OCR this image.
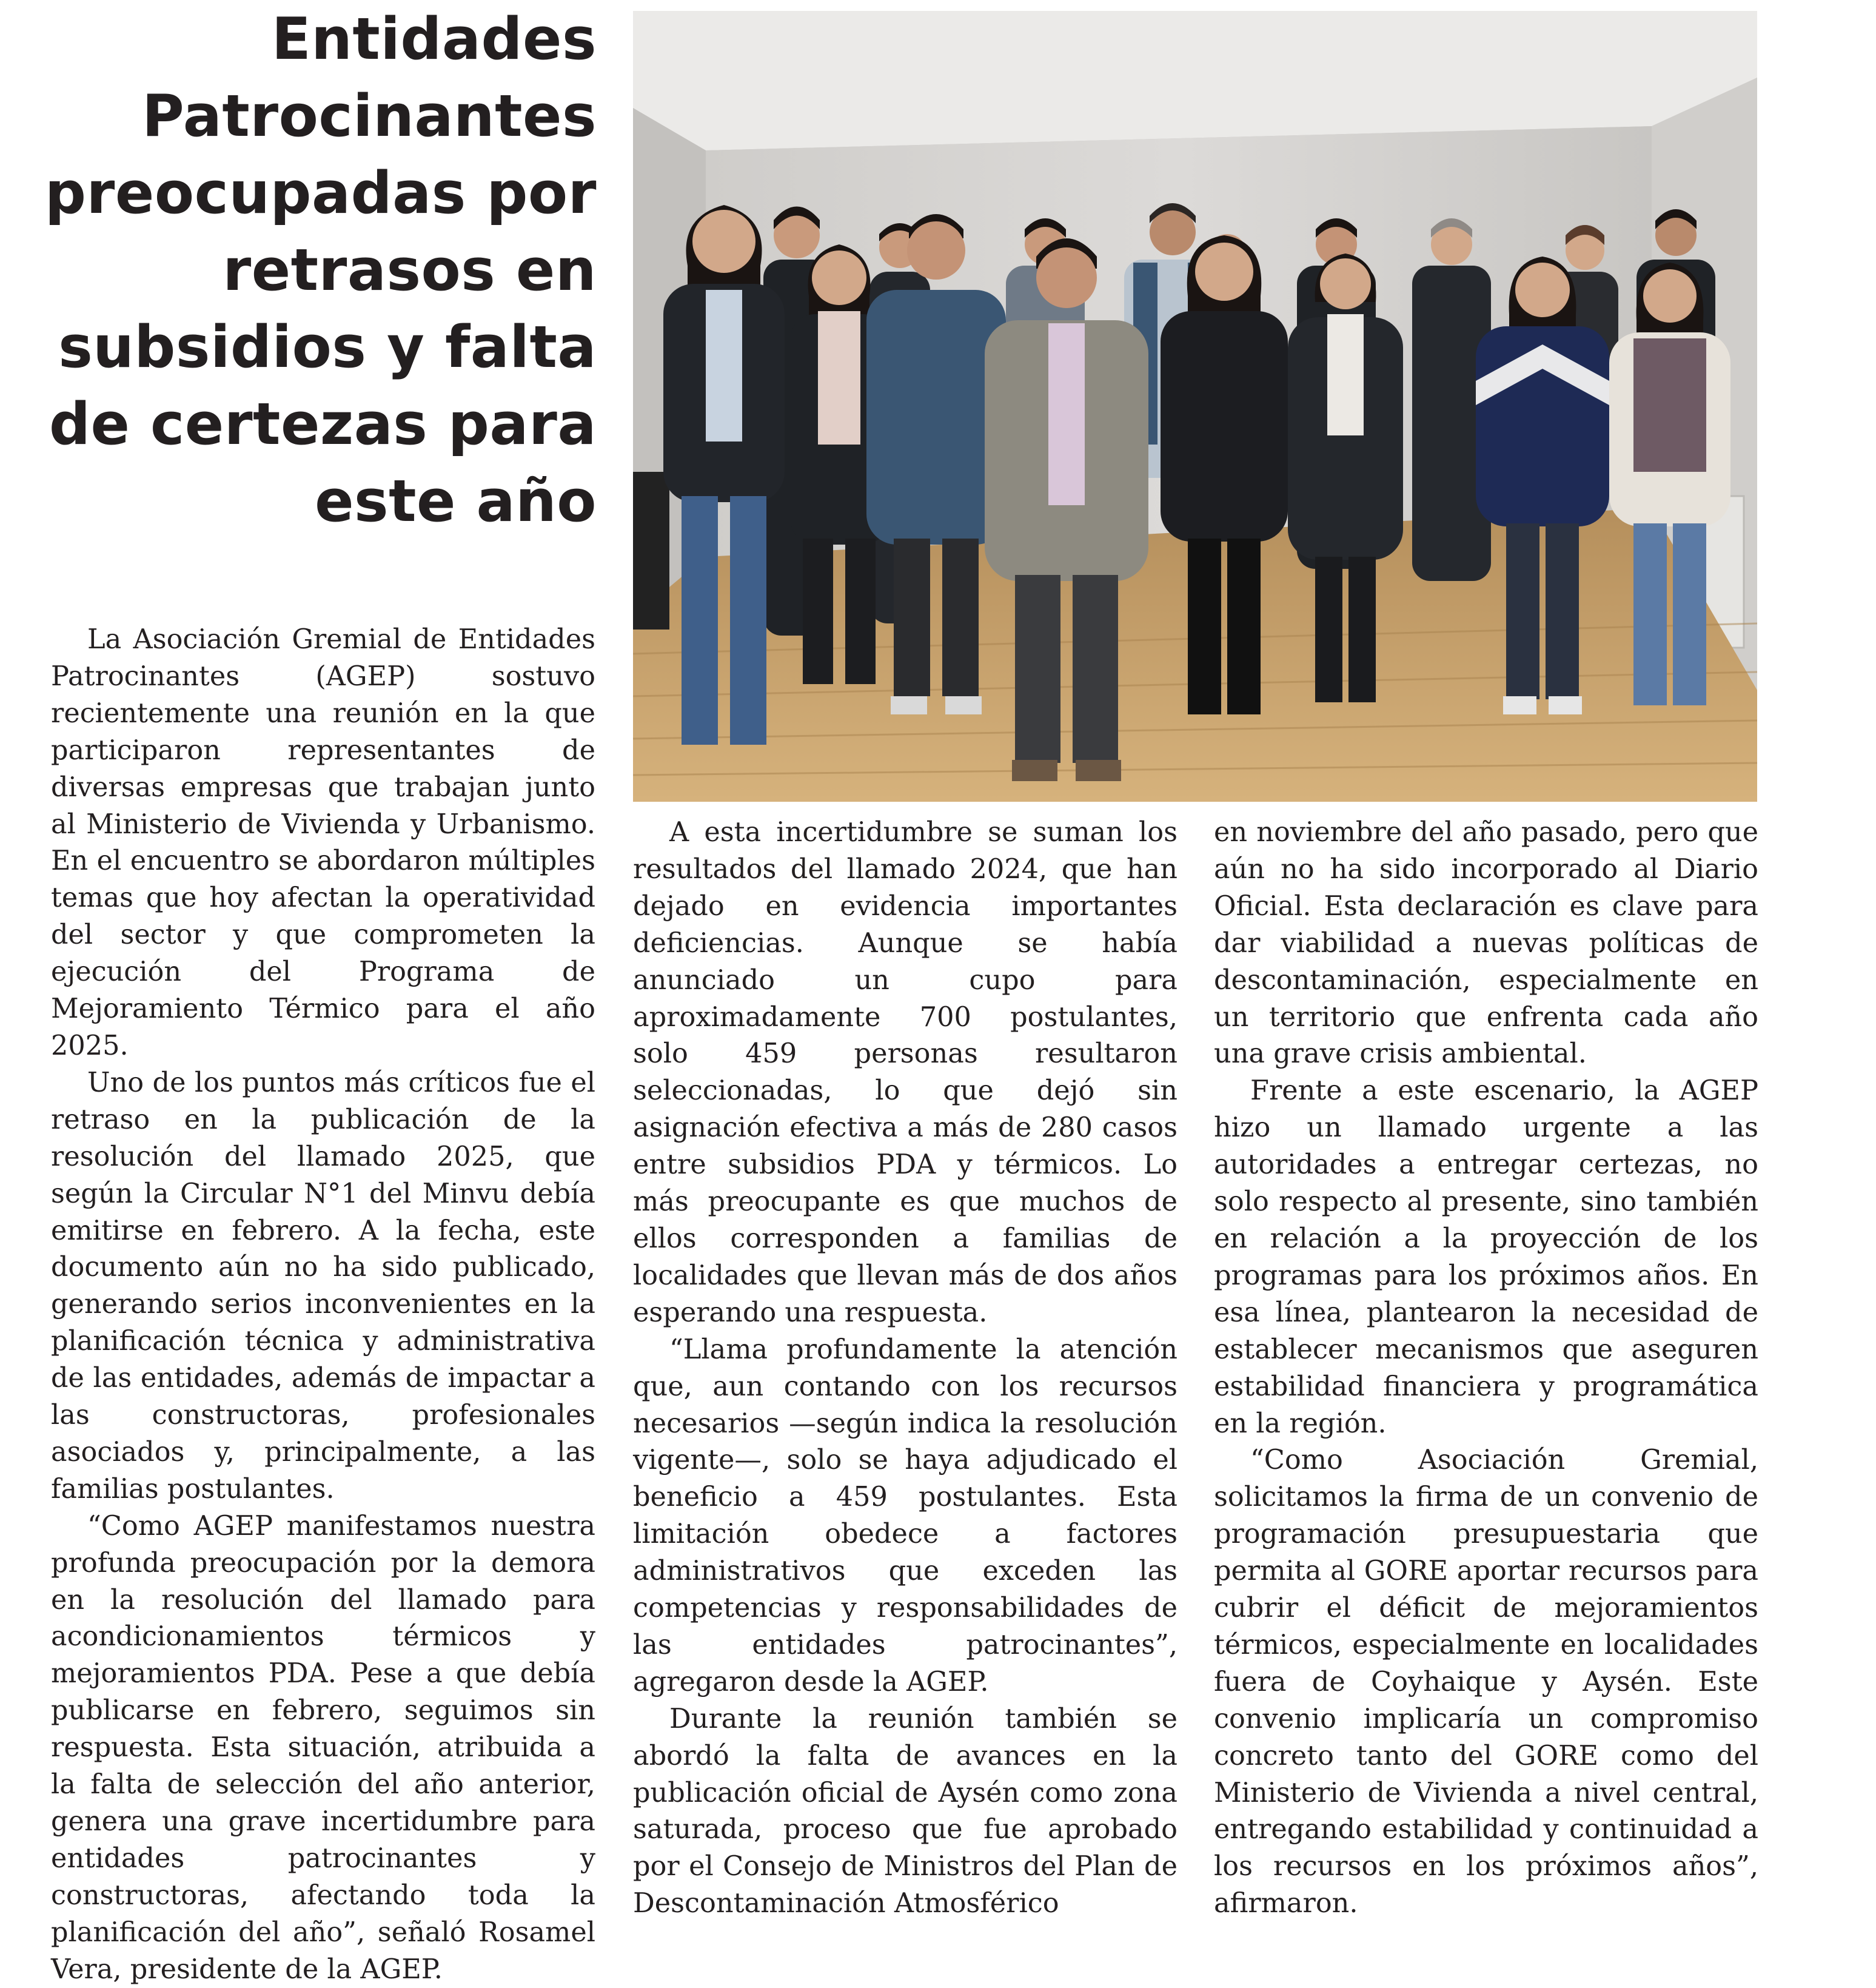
Entidades Patrocinantes preocupadas por retrasos en subsidios y falta de certezas para este año

La Asociación Gremial de Entidades Patrocinantes (AGEP) sostuvo recientemente una reunión en la que participaron representantes de diversas empresas que trabajan junto al Ministerio de Vivienda y Urbanismo. En el encuentro se abordaron múltiples temas que hoy afectan la operatividad del sector y que comprometen la ejecución del Programa de Mejoramiento Térmico para el año 2025.

Uno de los puntos más críticos fue el retraso en la publicación de la resolución del llamado 2025, que según la Circular N°1 del Minvu debía emitirse en febrero. A la fecha, este documento aún no ha sido publicado, generando serios inconvenientes en la planificación técnica y administrativa de las entidades, además de impactar a las constructoras, profesionales asociados y, principalmente, a las familias postulantes.

“Como AGEP manifestamos nuestra profunda preocupación por la demora en la resolución del llamado para acondicionamientos térmicos y mejoramientos PDA. Pese a que debía publicarse en febrero, seguimos sin respuesta. Esta situación, atribuida a la falta de selección del año anterior, genera una grave incertidumbre para entidades patrocinantes y constructoras, afectando toda la planificación del año”, señaló Rosamel Vera, presidente de la AGEP.

A esta incertidumbre se suman los resultados del llamado 2024, que han dejado en evidencia importantes deficiencias. Aunque se había anunciado un cupo para aproximadamente 700 postulantes, solo 459 personas resultaron seleccionadas, lo que dejó sin asignación efectiva a más de 280 casos entre subsidios PDA y térmicos. Lo más preocupante es que muchos de ellos corresponden a familias de localidades que llevan más de dos años esperando una respuesta.

“Llama profundamente la atención que, aun contando con los recursos necesarios —según indica la resolución vigente—, solo se haya adjudicado el beneficio a 459 postulantes. Esta limitación obedece a factores administrativos que exceden las competencias y responsabilidades de las entidades patrocinantes”, agregaron desde la AGEP.

Durante la reunión también se abordó la falta de avances en la publicación oficial de Aysén como zona saturada, proceso que fue aprobado por el Consejo de Ministros del Plan de Descontaminación Atmosférico

en noviembre del año pasado, pero que aún no ha sido incorporado al Diario Oficial. Esta declaración es clave para dar viabilidad a nuevas políticas de descontaminación, especialmente en un territorio que enfrenta cada año una grave crisis ambiental.

Frente a este escenario, la AGEP hizo un llamado urgente a las autoridades a entregar certezas, no solo respecto al presente, sino también en relación a la proyección de los programas para los próximos años. En esa línea, plantearon la necesidad de establecer mecanismos que aseguren estabilidad financiera y programática en la región.

“Como Asociación Gremial, solicitamos la firma de un convenio de programación presupuestaria que permita al GORE aportar recursos para cubrir el déficit de mejoramientos térmicos, especialmente en localidades fuera de Coyhaique y Aysén. Este convenio implicaría un compromiso concreto tanto del GORE como del Ministerio de Vivienda a nivel central, entregando estabilidad y continuidad a los recursos en los próximos años”, afirmaron.
